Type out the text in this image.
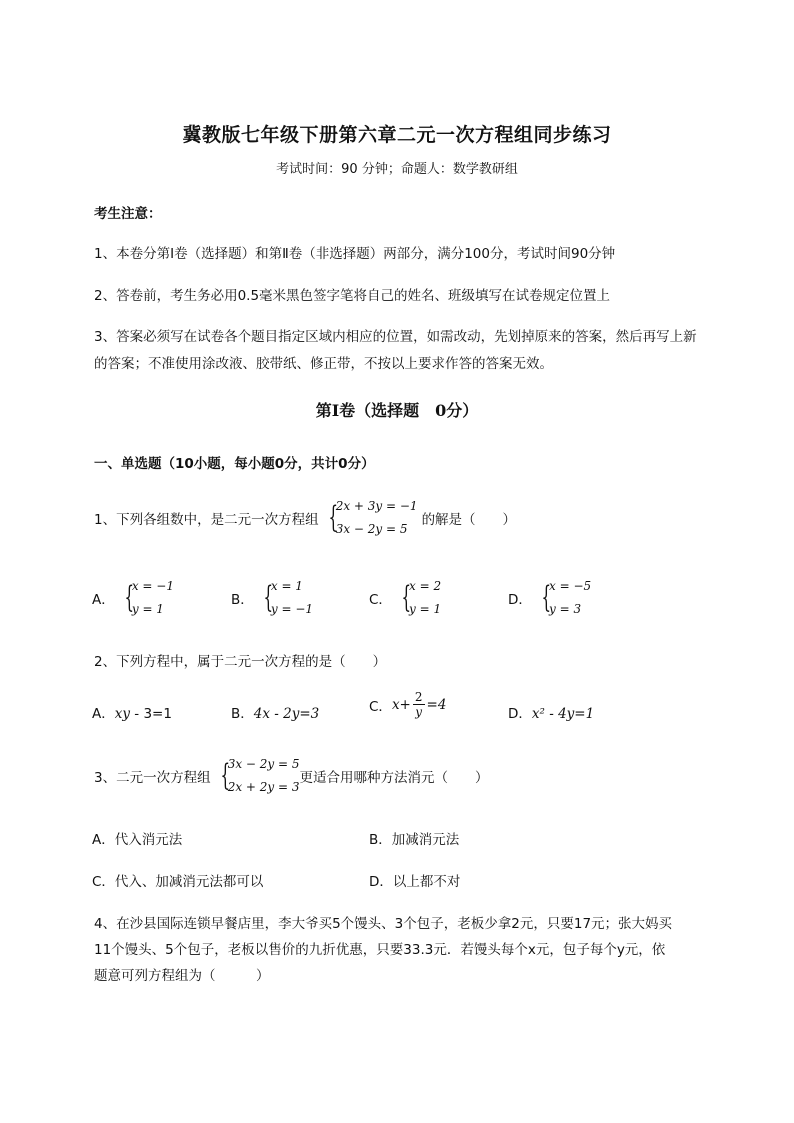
冀教版七年级下册第六章二元一次方程组同步练习
考试时间：90 分钟；命题人：数学教研组
考生注意：
1、本卷分第Ⅰ卷（选择题）和第Ⅱ卷（非选择题）两部分，满分100分，考试时间90分钟
2、答卷前，考生务必用0.5毫米黑色签字笔将自己的姓名、班级填写在试卷规定位置上
3、答案必须写在试卷各个题目指定区域内相应的位置，如需改动，先划掉原来的答案，然后再写上新
的答案；不准使用涂改液、胶带纸、修正带，不按以上要求作答的答案无效。
第Ⅰ卷（选择题　0分）
一、单选题（10小题，每小题0分，共计0分）
1、下列各组数中，是二元一次方程组 {
2x + 3y = −1
3x − 2y = 5
的解是（　　）
A． {
x = −1
y = 1
B． {
x = 1
y = −1
C． {
x = 2
y = 1
D． {
x = −5
y = 3
2、下列方程中，属于二元一次方程的是（　　）
A．xy - 3=1	B．4x - 2y=3	C． $x+ \frac{2}{y} =4$
D．x² - 4y=1
3、二元一次方程组 {
3x − 2y = 5
2x + 2y = 3
更适合用哪种方法消元（　　）
A．代入消元法	B．加减消元法
C．代入、加减消元法都可以	D．以上都不对
4、在沙县国际连锁早餐店里，李大爷买5个馒头、3个包子，老板少拿2元，只要17元；张大妈买
11个馒头、5个包子，老板以售价的九折优惠，只要33.3元．若馒头每个x元，包子每个y元，依
题意可列方程组为（　　　）
